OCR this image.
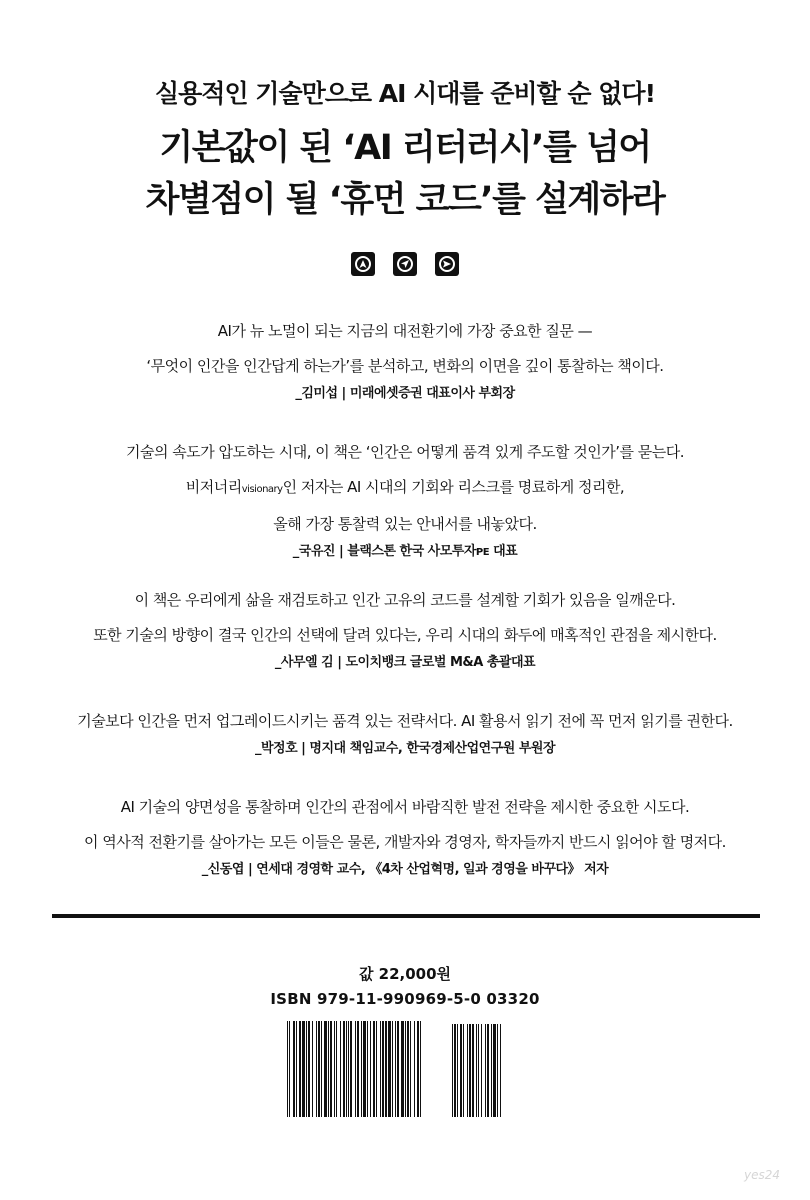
실용적인 기술만으로 AI 시대를 준비할 순 없다!
기본값이 된 ‘AI 리터러시’를 넘어
차별점이 될 ‘휴먼 코드’를 설계하라
AI가 뉴 노멀이 되는 지금의 대전환기에 가장 중요한 질문 —
‘무엇이 인간을 인간답게 하는가’를 분석하고, 변화의 이면을 깊이 통찰하는 책이다.
_김미섭 | 미래에셋증권 대표이사 부회장
기술의 속도가 압도하는 시대, 이 책은 ‘인간은 어떻게 품격 있게 주도할 것인가’를 묻는다.
비저너리visionary인 저자는 AI 시대의 기회와 리스크를 명료하게 정리한,
올해 가장 통찰력 있는 안내서를 내놓았다.
_국유진 | 블랙스톤 한국 사모투자PE 대표
이 책은 우리에게 삶을 재검토하고 인간 고유의 코드를 설계할 기회가 있음을 일깨운다.
또한 기술의 방향이 결국 인간의 선택에 달려 있다는, 우리 시대의 화두에 매혹적인 관점을 제시한다.
_사무엘 김 | 도이치뱅크 글로벌 M&A 총괄대표
기술보다 인간을 먼저 업그레이드시키는 품격 있는 전략서다. AI 활용서 읽기 전에 꼭 먼저 읽기를 권한다.
_박정호 | 명지대 책임교수, 한국경제산업연구원 부원장
AI 기술의 양면성을 통찰하며 인간의 관점에서 바람직한 발전 전략을 제시한 중요한 시도다.
이 역사적 전환기를 살아가는 모든 이들은 물론, 개발자와 경영자, 학자들까지 반드시 읽어야 할 명저다.
_신동엽 | 연세대 경영학 교수, 《4차 산업혁명, 일과 경영을 바꾸다》 저자
값 22,000원
ISBN 979-11-990969-5-0 03320
yes24
